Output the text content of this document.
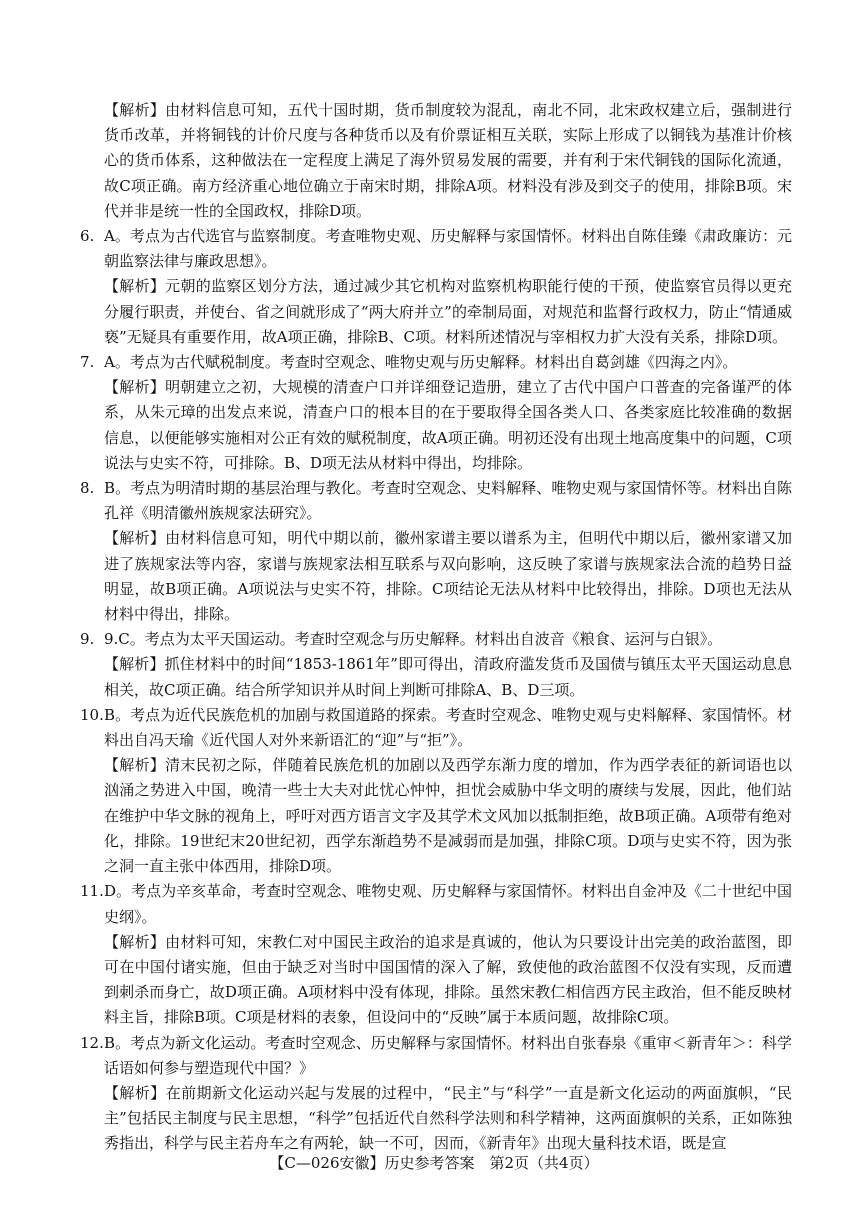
【解析】由材料信息可知，五代十国时期，货币制度较为混乱，南北不同，北宋政权建立后，强制进行货币改革，并将铜钱的计价尺度与各种货币以及有价票证相互关联，实际上形成了以铜钱为基准计价核心的货币体系，这种做法在一定程度上满足了海外贸易发展的需要，并有利于宋代铜钱的国际化流通，故C项正确。南方经济重心地位确立于南宋时期，排除A项。材料没有涉及到交子的使用，排除B项。宋代并非是统一性的全国政权，排除D项。

6. A。考点为古代选官与监察制度。考查唯物史观、历史解释与家国情怀。材料出自陈佳臻《肃政廉访：元朝监察法律与廉政思想》。

【解析】元朝的监察区划分方法，通过减少其它机构对监察机构职能行使的干预，使监察官员得以更充分履行职责，并使台、省之间就形成了“两大府并立”的牵制局面，对规范和监督行政权力，防止“情通威亵”无疑具有重要作用，故A项正确，排除B、C项。材料所述情况与宰相权力扩大没有关系，排除D项。

7. A。考点为古代赋税制度。考查时空观念、唯物史观与历史解释。材料出自葛剑雄《四海之内》。

【解析】明朝建立之初，大规模的清查户口并详细登记造册，建立了古代中国户口普查的完备谨严的体系，从朱元璋的出发点来说，清查户口的根本目的在于要取得全国各类人口、各类家庭比较准确的数据信息，以便能够实施相对公正有效的赋税制度，故A项正确。明初还没有出现土地高度集中的问题，C项说法与史实不符，可排除。B、D项无法从材料中得出，均排除。

8. B。考点为明清时期的基层治理与教化。考查时空观念、史料解释、唯物史观与家国情怀等。材料出自陈孔祥《明清徽州族规家法研究》。

【解析】由材料信息可知，明代中期以前，徽州家谱主要以谱系为主，但明代中期以后，徽州家谱又加进了族规家法等内容，家谱与族规家法相互联系与双向影响，这反映了家谱与族规家法合流的趋势日益明显，故B项正确。A项说法与史实不符，排除。C项结论无法从材料中比较得出，排除。D项也无法从材料中得出，排除。

9. 9.C。考点为太平天国运动。考查时空观念与历史解释。材料出自波音《粮食、运河与白银》。

【解析】抓住材料中的时间“1853-1861年”即可得出，清政府滥发货币及国债与镇压太平天国运动息息相关，故C项正确。结合所学知识并从时间上判断可排除A、B、D三项。

10. B。考点为近代民族危机的加剧与救国道路的探索。考查时空观念、唯物史观与史料解释、家国情怀。材料出自冯天瑜《近代国人对外来新语汇的“迎”与“拒”》。

【解析】清末民初之际，伴随着民族危机的加剧以及西学东渐力度的增加，作为西学表征的新词语也以汹涌之势进入中国，晚清一些士大夫对此忧心忡忡，担忧会威胁中华文明的赓续与发展，因此，他们站在维护中华文脉的视角上，呼吁对西方语言文字及其学术文风加以抵制拒绝，故B项正确。A项带有绝对化，排除。19世纪末20世纪初，西学东渐趋势不是减弱而是加强，排除C项。D项与史实不符，因为张之洞一直主张中体西用，排除D项。

11. D。考点为辛亥革命，考查时空观念、唯物史观、历史解释与家国情怀。材料出自金冲及《二十世纪中国史纲》。

【解析】由材料可知，宋教仁对中国民主政治的追求是真诚的，他认为只要设计出完美的政治蓝图，即可在中国付诸实施，但由于缺乏对当时中国国情的深入了解，致使他的政治蓝图不仅没有实现，反而遭到刺杀而身亡，故D项正确。A项材料中没有体现，排除。虽然宋教仁相信西方民主政治，但不能反映材料主旨，排除B项。C项是材料的表象，但设问中的“反映”属于本质问题，故排除C项。

12. B。考点为新文化运动。考查时空观念、历史解释与家国情怀。材料出自张春泉《重审＜新青年＞：科学话语如何参与塑造现代中国？》

【解析】在前期新文化运动兴起与发展的过程中，“民主”与“科学”一直是新文化运动的两面旗帜，“民主”包括民主制度与民主思想，“科学”包括近代自然科学法则和科学精神，这两面旗帜的关系，正如陈独秀指出，科学与民主若舟车之有两轮，缺一不可，因而，《新青年》出现大量科技术语，既是宣

【C—026安徽】历史参考答案　第2页（共4页）
